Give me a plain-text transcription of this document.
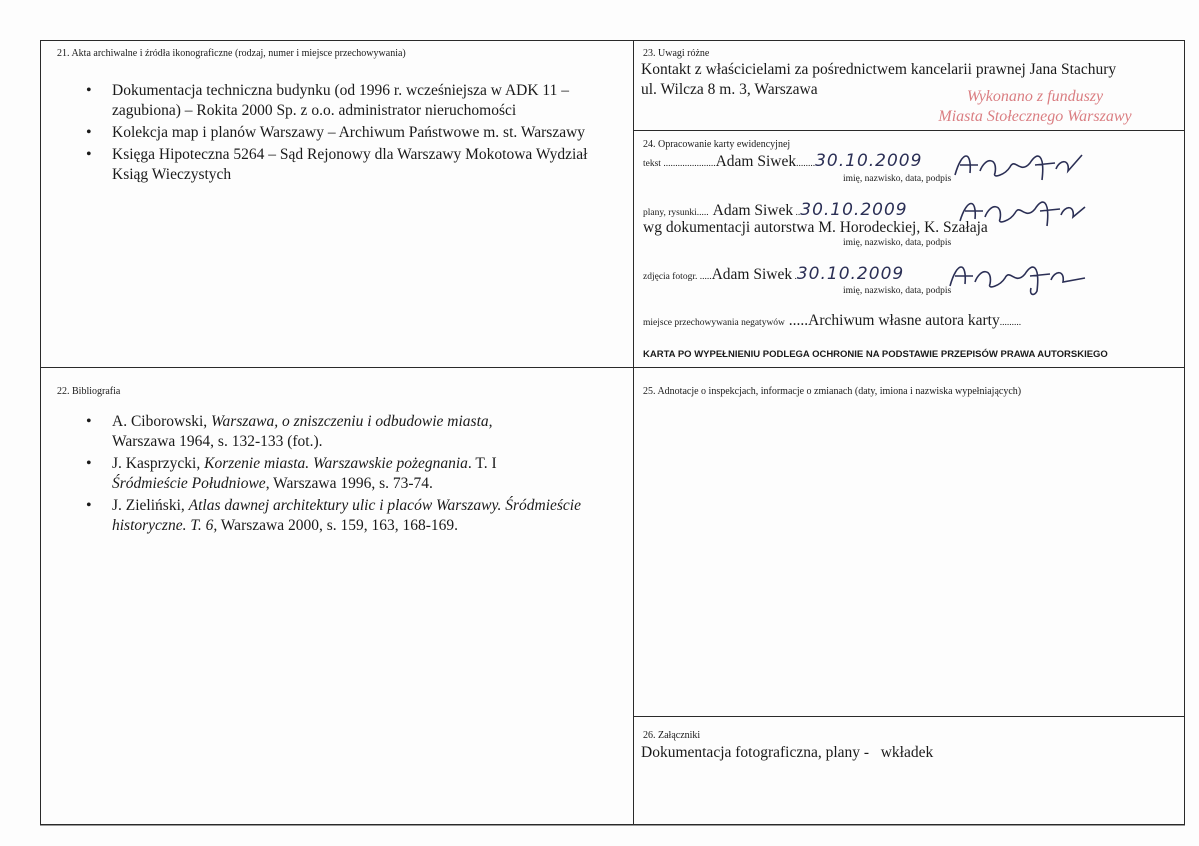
21. Akta archiwalne i źródła ikonograficzne (rodzaj, numer i miejsce przechowywania)
• Dokumentacja techniczna budynku (od 1996 r. wcześniejsza w ADK 11 – zagubiona) – Rokita 2000 Sp. z o.o. administrator nieruchomości
• Kolekcja map i planów Warszawy – Archiwum Państwowe m. st. Warszawy
• Księga Hipoteczna 5264 – Sąd Rejonowy dla Warszawy Mokotowa Wydział Ksiąg Wieczystych
23. Uwagi różne
Kontakt z właścicielami za pośrednictwem kancelarii prawnej Jana Stachury
ul. Wilcza 8 m. 3, Warszawa	Wykonano z funduszy
Miasta Stołecznego Warszawy
24. Opracowanie karty ewidencyjnej
tekst ......................Adam Siwek........30.10.2009
imię, nazwisko, data, podpis
plany, rysunki..... Adam Siwek ..30.10.2009
wg dokumentacji autorstwa M. Horodeckiej, K. Szałaja
imię, nazwisko, data, podpis
zdjęcia fotogr. .....Adam Siwek .30.10.2009
imię, nazwisko, data, podpis
miejsce przechowywania negatywów .....Archiwum własne autora karty.........
KARTA PO WYPEŁNIENIU PODLEGA OCHRONIE NA PODSTAWIE PRZEPISÓW PRAWA AUTORSKIEGO
22. Bibliografia
• A. Ciborowski, Warszawa, o zniszczeniu i odbudowie miasta,
Warszawa 1964, s. 132-133 (fot.).
• J. Kasprzycki, Korzenie miasta. Warszawskie pożegnania. T. I
Śródmieście Południowe, Warszawa 1996, s. 73-74.
• J. Zieliński, Atlas dawnej architektury ulic i placów Warszawy. Śródmieście historyczne. T. 6, Warszawa 2000, s. 159, 163, 168-169.
25. Adnotacje o inspekcjach, informacje o zmianach (daty, imiona i nazwiska wypełniających)
26. Załączniki
Dokumentacja fotograficzna, plany -   wkładek
